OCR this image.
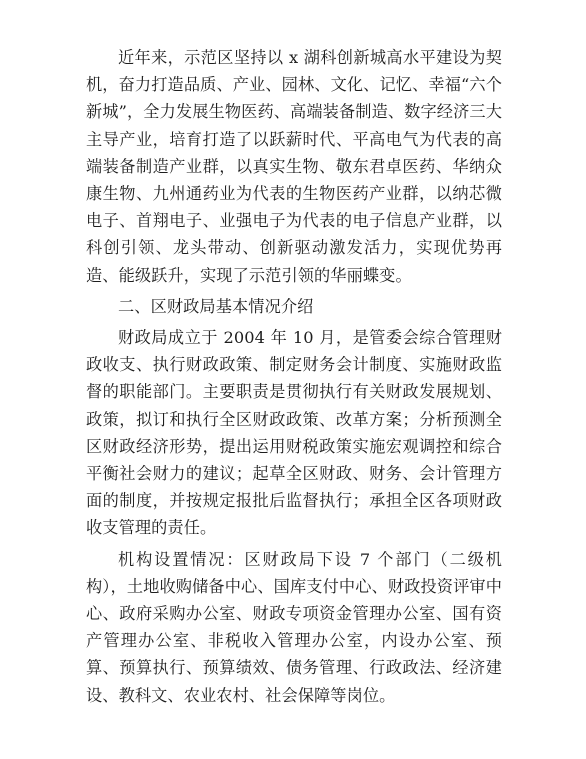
近年来，示范区坚持以 x 湖科创新城高水平建设为契机，奋力打造品质、产业、园林、文化、记忆、幸福“六个新城”，全力发展生物医药、高端装备制造、数字经济三大主导产业，培育打造了以跃薪时代、平高电气为代表的高端装备制造产业群，以真实生物、敬东君卓医药、华纳众康生物、九州通药业为代表的生物医药产业群，以纳芯微电子、首翔电子、业强电子为代表的电子信息产业群，以科创引领、龙头带动、创新驱动激发活力，实现优势再造、能级跃升，实现了示范引领的华丽蝶变。

二、区财政局基本情况介绍

财政局成立于 2004 年 10 月，是管委会综合管理财政收支、执行财政政策、制定财务会计制度、实施财政监督的职能部门。主要职责是贯彻执行有关财政发展规划、政策，拟订和执行全区财政政策、改革方案；分析预测全区财政经济形势，提出运用财税政策实施宏观调控和综合平衡社会财力的建议；起草全区财政、财务、会计管理方面的制度，并按规定报批后监督执行；承担全区各项财政收支管理的责任。

机构设置情况：区财政局下设 7 个部门（二级机构），土地收购储备中心、国库支付中心、财政投资评审中心、政府采购办公室、财政专项资金管理办公室、国有资产管理办公室、非税收入管理办公室，内设办公室、预算、预算执行、预算绩效、债务管理、行政政法、经济建设、教科文、农业农村、社会保障等岗位。
